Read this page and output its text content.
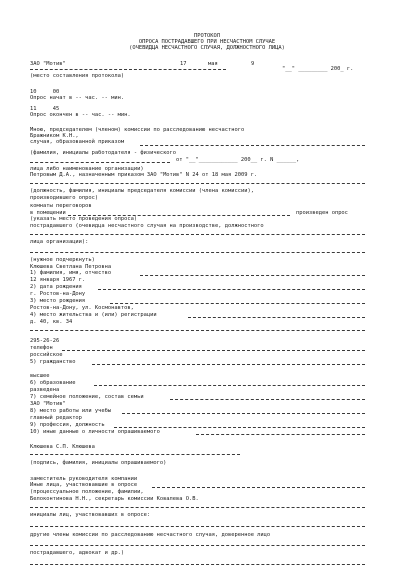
ПРОТОКОЛ
ОПРОСА ПОСТРАДАВШЕГО ПРИ НЕСЧАСТНОМ СЛУЧАЕ
(ОЧЕВИДЦА НЕСЧАСТНОГО СЛУЧАЯ, ДОЛЖНОСТНОГО ЛИЦА)
ЗАО "Мотив"	17	мая	9
"__" _________ 200_ г.
(место составления протокола)
10     00
Опрос начат в -- час. -- мин.
11     45
Опрос окончен в -- час. -- мин.
Мною, председателем (членом) комиссии по расследованию несчастного
Бражником К.Н.,
случая, образованной приказом
(фамилия, инициалы работодателя - физического
от "__"____________ 200__ г. N ______,
лица либо наименование организации)
Петровым Д.А., назначенным приказом ЗАО "Мотив" N 24 от 18 мая 2009 г.
(должность, фамилия, инициалы председателя комиссии (члена комиссии),
производившего опрос)
комнаты переговоров
в помещении	произведен опрос
(указать место проведения опроса)
пострадавшего (очевидца несчастного случая на производстве, должностного
лица организации):
(нужное подчеркнуть)
Клюшева Светлана Петровна
1) фамилия, имя, отчество
12 января 1967 г.
2) дата рождения
г. Ростов-на-Дону
3) место рождения
Ростов-на-Дону, ул. Космонавтов,
4) место жительства и (или) регистрации
д. 40, кв. 34
295-26-26
телефон
российское
5) гражданство
высшее
6) образование
разведена
7) семейное положение, состав семьи
ЗАО "Мотив"
8) место работы или учебы
главный редактор
9) профессия, должность
10) иные данные о личности опрашиваемого
Клюшева С.П. Клюшева
(подпись, фамилия, инициалы опрашиваемого)
заместитель руководителя компании
Иные лица, участвовавшие в опросе
(процессуальное положение, фамилии,
Белоконтинова Н.Н., секретарь комиссии Ковалева О.В.
инициалы лиц, участвовавших в опросе:
другие члены комиссии по расследованию несчастного случая, доверенное лицо
пострадавшего, адвокат и др.)
